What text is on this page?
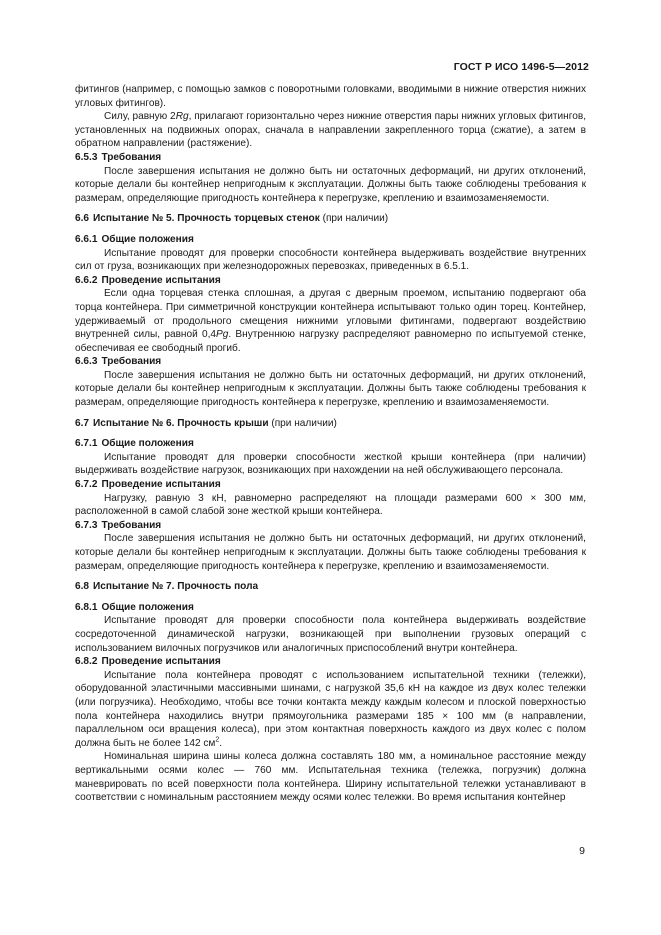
ГОСТ Р ИСО 1496-5—2012

фитингов (например, с помощью замков с поворотными головками, вводимыми в нижние отверстия нижних угловых фитингов).

Силу, равную 2Rg, прилагают горизонтально через нижние отверстия пары нижних угловых фитингов, установленных на подвижных опорах, сначала в направлении закрепленного торца (сжатие), а затем в обратном направлении (растяжение).

6.5.3 Требования

После завершения испытания не должно быть ни остаточных деформаций, ни других отклонений, которые делали бы контейнер непригодным к эксплуатации. Должны быть также соблюдены требования к размерам, определяющие пригодность контейнера к перегрузке, креплению и взаимозаменяемости.

6.6 Испытание № 5. Прочность торцевых стенок (при наличии)

6.6.1 Общие положения

Испытание проводят для проверки способности контейнера выдерживать воздействие внутренних сил от груза, возникающих при железнодорожных перевозках, приведенных в 6.5.1.

6.6.2 Проведение испытания

Если одна торцевая стенка сплошная, а другая с дверным проемом, испытанию подвергают оба торца контейнера. При симметричной конструкции контейнера испытывают только один торец. Контейнер, удерживаемый от продольного смещения нижними угловыми фитингами, подвергают воздействию внутренней силы, равной 0,4Pg. Внутреннюю нагрузку распределяют равномерно по испытуемой стенке, обеспечивая ее свободный прогиб.

6.6.3 Требования

После завершения испытания не должно быть ни остаточных деформаций, ни других отклонений, которые делали бы контейнер непригодным к эксплуатации. Должны быть также соблюдены требования к размерам, определяющие пригодность контейнера к перегрузке, креплению и взаимозаменяемости.

6.7 Испытание № 6. Прочность крыши (при наличии)

6.7.1 Общие положения

Испытание проводят для проверки способности жесткой крыши контейнера (при наличии) выдерживать воздействие нагрузок, возникающих при нахождении на ней обслуживающего персонала.

6.7.2 Проведение испытания

Нагрузку, равную 3 кН, равномерно распределяют на площади размерами 600 × 300 мм, расположенной в самой слабой зоне жесткой крыши контейнера.

6.7.3 Требования

После завершения испытания не должно быть ни остаточных деформаций, ни других отклонений, которые делали бы контейнер непригодным к эксплуатации. Должны быть также соблюдены требования к размерам, определяющие пригодность контейнера к перегрузке, креплению и взаимозаменяемости.

6.8 Испытание № 7. Прочность пола

6.8.1 Общие положения

Испытание проводят для проверки способности пола контейнера выдерживать воздействие сосредоточенной динамической нагрузки, возникающей при выполнении грузовых операций с использованием вилочных погрузчиков или аналогичных приспособлений внутри контейнера.

6.8.2 Проведение испытания

Испытание пола контейнера проводят с использованием испытательной техники (тележки), оборудованной эластичными массивными шинами, с нагрузкой 35,6 кН на каждое из двух колес тележки (или погрузчика). Необходимо, чтобы все точки контакта между каждым колесом и плоской поверхностью пола контейнера находились внутри прямоугольника размерами 185 × 100 мм (в направлении, параллельном оси вращения колеса), при этом контактная поверхность каждого из двух колес с полом должна быть не более 142 $см^2$.

Номинальная ширина шины колеса должна составлять 180 мм, а номинальное расстояние между вертикальными осями колес — 760 мм. Испытательная техника (тележка, погрузчик) должна маневрировать по всей поверхности пола контейнера. Ширину испытательной тележки устанавливают в соответствии с номинальным расстоянием между осями колес тележки. Во время испытания контейнер

9
